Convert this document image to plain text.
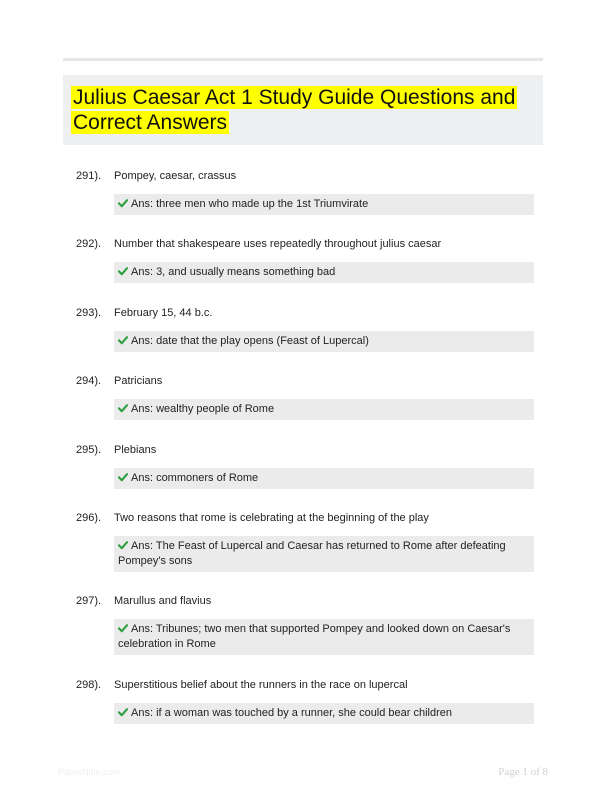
Julius Caesar Act 1 Study Guide Questions and Correct Answers
291). Pompey, caesar, crassus
Ans: three men who made up the 1st Triumvirate
292). Number that shakespeare uses repeatedly throughout julius caesar
Ans: 3, and usually means something bad
293). February 15, 44 b.c.
Ans: date that the play opens (Feast of Lupercal)
294). Patricians
Ans: wealthy people of Rome
295). Plebians
Ans: commoners of Rome
296). Two reasons that rome is celebrating at the beginning of the play
Ans: The Feast of Lupercal and Caesar has returned to Rome after defeating Pompey's sons
297). Marullus and flavius
Ans: Tribunes; two men that supported Pompey and looked down on Caesar's celebration in Rome
298). Superstitious belief about the runners in the race on lupercal
Ans: if a woman was touched by a runner, she could bear children
PaperNibe.com	Page 1 of 8
